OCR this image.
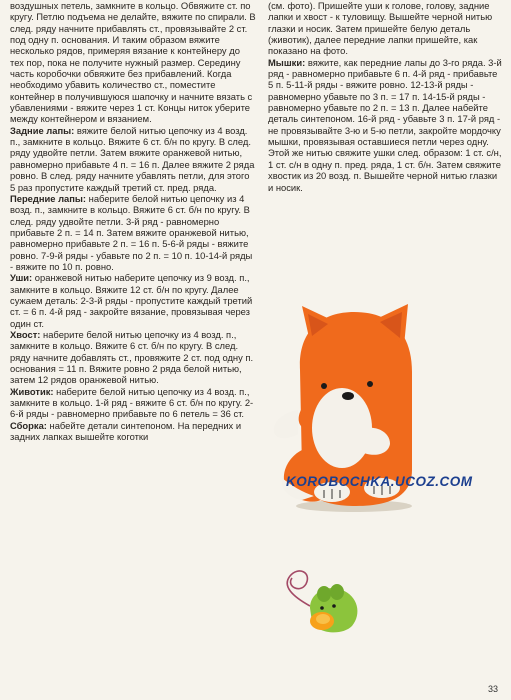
воздушных петель, замкните в кольцо. Обвяжите ст. по кругу. Петлю подъема не делайте, вяжите по спирали. В след. ряду начните прибавлять ст., провязывайте 2 ст. под одну п. основания. И таким образом вяжите несколько рядов, примеряя вязание к контейнеру до тех пор, пока не получите нужный размер. Середину часть коробочки обвяжите без прибавлений. Когда необходимо убавить количество ст., поместите контейнер в получившуюся шапочку и начните вязать с убавлениями - вяжите через 1 ст. Концы ниток уберите между контейнером и вязанием.

Задние лапы: вяжите белой нитью цепочку из 4 возд. п., замкните в кольцо. Вяжите 6 ст. б/н по кругу. В след. ряду удвойте петли. Затем вяжите оранжевой нитью, равномерно прибавьте 4 п. = 16 п. Далее вяжите 2 ряда ровно. В след. ряду начните убавлять петли, для этого 5 раз пропустите каждый третий ст. пред. ряда.

Передние лапы: наберите белой нитью цепочку из 4 возд. п., замкните в кольцо. Вяжите 6 ст. б/н по кругу. В след. ряду удвойте петли. 3-й ряд - равномерно прибавьте 2 п. = 14 п. Затем вяжите оранжевой нитью, равномерно прибавьте 2 п. = 16 п. 5-6-й ряды - вяжите ровно. 7-9-й ряды - убавьте по 2 п. = 10 п. 10-14-й ряды - вяжите по 10 п. ровно.

Уши: оранжевой нитью наберите цепочку из 9 возд. п., замкните в кольцо. Вяжите 12 ст. б/н по кругу. Далее сужаем деталь: 2-3-й ряды - пропустите каждый третий ст. = 6 п. 4-й ряд - закройте вязание, провязывая через один ст.

Хвост: наберите белой нитью цепочку из 4 возд. п., замкните в кольцо. Вяжите 6 ст. б/н по кругу. В след. ряду начните добавлять ст., провяжите 2 ст. под одну п. основания = 11 п. Вяжите ровно 2 ряда белой нитью, затем 12 рядов оранжевой нитью.

Животик: наберите белой нитью цепочку из 4 возд. п., замкните в кольцо. 1-й ряд - вяжите 6 ст. б/н по кругу. 2-6-й ряды - равномерно прибавьте по 6 петель = 36 ст.

Сборка: набейте детали синтепоном. На передних и задних лапках вышейте коготки

(см. фото). Пришейте уши к голове, голову, задние лапки и хвост - к туловищу. Вышейте черной нитью глазки и носик. Затем пришейте белую деталь (животик), далее передние лапки пришейте, как показано на фото.

Мышки: вяжите, как передние лапы до 3-го ряда. 3-й ряд - равномерно прибавьте 6 п. 4-й ряд - прибавьте 5 п. 5-11-й ряды - вяжите ровно. 12-13-й ряды - равномерно убавьте по 3 п. = 17 п. 14-15-й ряды - равномерно убавьте по 2 п. = 13 п. Далее набейте деталь синтепоном. 16-й ряд - убавьте 3 п. 17-й ряд - не провязывайте 3-ю и 5-ю петли, закройте мордочку мышки, провязывая оставшиеся петли через одну. Этой же нитью свяжите ушки след. образом: 1 ст. с/н, 1 ст. с/н в одну п. пред. ряда, 1 ст. б/н. Затем свяжите хвостик из 20 возд. п. Вышейте черной нитью глазки и носик.

KOROBOCHKA.UCOZ.COM
33
